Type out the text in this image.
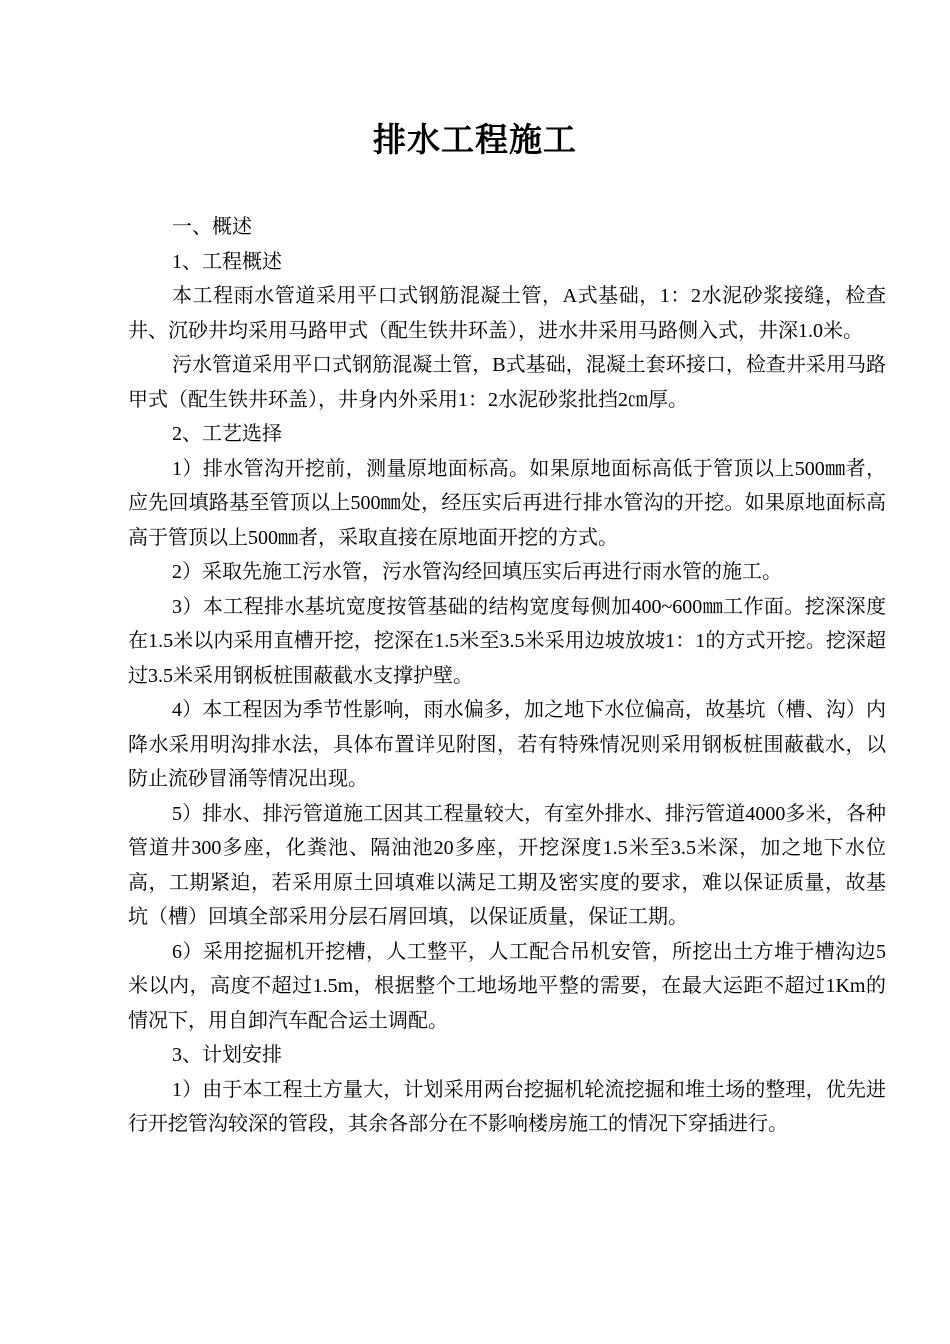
排水工程施工

一、概述

1、工程概述

本工程雨水管道采用平口式钢筋混凝土管，A式基础，1：2水泥砂浆接缝，检查井、沉砂井均采用马路甲式（配生铁井环盖），进水井采用马路侧入式，井深1.0米。

污水管道采用平口式钢筋混凝土管，B式基础，混凝土套环接口，检查井采用马路甲式（配生铁井环盖），井身内外采用1：2水泥砂浆批挡2㎝厚。

2、工艺选择

1）排水管沟开挖前，测量原地面标高。如果原地面标高低于管顶以上500㎜者，应先回填路基至管顶以上500㎜处，经压实后再进行排水管沟的开挖。如果原地面标高高于管顶以上500㎜者，采取直接在原地面开挖的方式。

2）采取先施工污水管，污水管沟经回填压实后再进行雨水管的施工。

3）本工程排水基坑宽度按管基础的结构宽度每侧加400~600㎜工作面。挖深深度在1.5米以内采用直槽开挖，挖深在1.5米至3.5米采用边坡放坡1：1的方式开挖。挖深超过3.5米采用钢板桩围蔽截水支撑护壁。

4）本工程因为季节性影响，雨水偏多，加之地下水位偏高，故基坑（槽、沟）内降水采用明沟排水法，具体布置详见附图，若有特殊情况则采用钢板桩围蔽截水，以防止流砂冒涌等情况出现。

5）排水、排污管道施工因其工程量较大，有室外排水、排污管道4000多米，各种管道井300多座，化粪池、隔油池20多座，开挖深度1.5米至3.5米深，加之地下水位高，工期紧迫，若采用原土回填难以满足工期及密实度的要求，难以保证质量，故基坑（槽）回填全部采用分层石屑回填，以保证质量，保证工期。

6）采用挖掘机开挖槽，人工整平，人工配合吊机安管，所挖出土方堆于槽沟边5米以内，高度不超过1.5m，根据整个工地场地平整的需要，在最大运距不超过1Km的情况下，用自卸汽车配合运土调配。

3、计划安排

1）由于本工程土方量大，计划采用两台挖掘机轮流挖掘和堆土场的整理，优先进行开挖管沟较深的管段，其余各部分在不影响楼房施工的情况下穿插进行。
